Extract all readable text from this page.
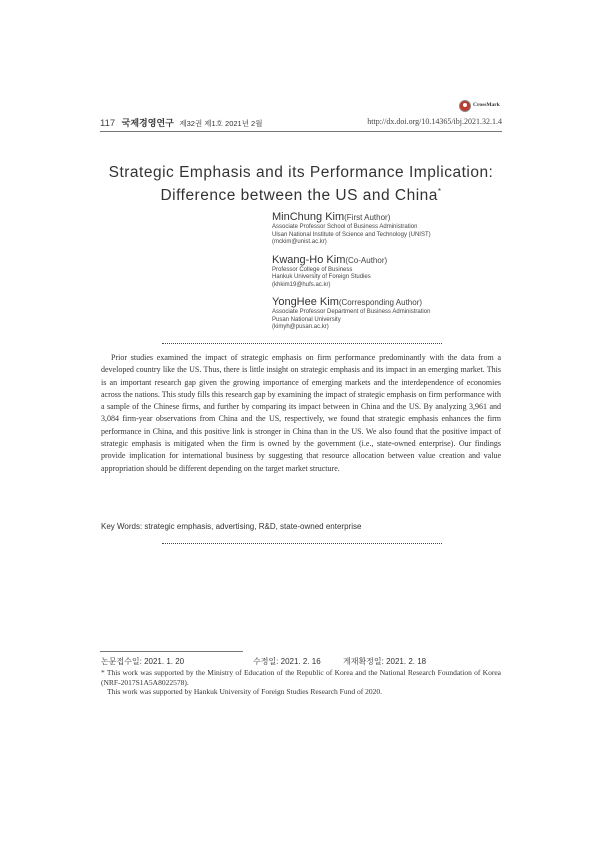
CrossMark
117 국제경영연구 제32권 제1호 2021년 2월	http://dx.doi.org/10.14365/ibj.2021.32.1.4
Strategic Emphasis and its Performance Implication:
Difference between the US and China*
MinChung Kim(First Author)
Associate Professor School of Business Administration
Ulsan National Institute of Science and Technology (UNIST)
(mckim@unist.ac.kr)
Kwang-Ho Kim(Co-Author)
Professor College of Business
Hankuk University of Foreign Studies
(khkim19@hufs.ac.kr)
YongHee Kim(Corresponding Author)
Associate Professor Department of Business Administration
Pusan National University
(kimyh@pusan.ac.kr)
Prior studies examined the impact of strategic emphasis on firm performance predominantly with the data from a developed country like the US. Thus, there is little insight on strategic emphasis and its impact in an emerging market. This is an important research gap given the growing importance of emerging markets and the interdependence of economies across the nations. This study fills this research gap by examining the impact of strategic emphasis on firm performance with a sample of the Chinese firms, and further by comparing its impact between in China and the US. By analyzing 3,961 and 3,084 firm-year observations from China and the US, respectively, we found that strategic emphasis enhances the firm performance in China, and this positive link is stronger in China than in the US. We also found that the positive impact of strategic emphasis is mitigated when the firm is owned by the government (i.e., state-owned enterprise). Our findings provide implication for international business by suggesting that resource allocation between value creation and value appropriation should be different depending on the target market structure.
Key Words: strategic emphasis, advertising, R&D, state-owned enterprise
논문접수일: 2021. 1. 20	수정일: 2021. 2. 16	게재확정일: 2021. 2. 18

* This work was supported by the Ministry of Education of the Republic of Korea and the National Research Foundation of Korea (NRF-2017S1A5A8022578).

This work was supported by Hankuk University of Foreign Studies Research Fund of 2020.
